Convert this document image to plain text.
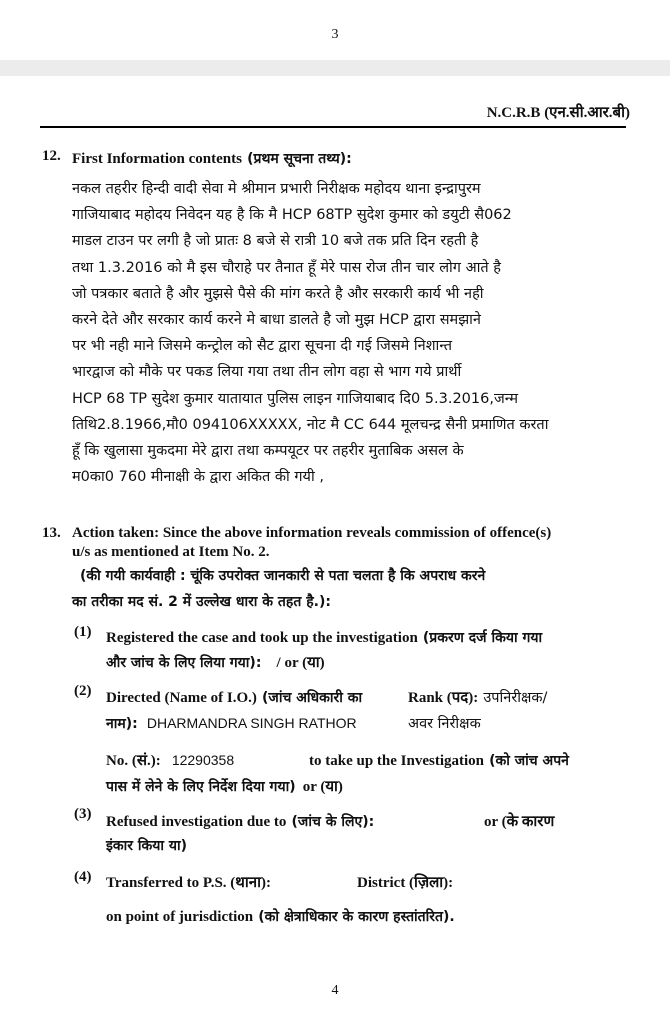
3
N.C.R.B (एन.सी.आर.बी)
12. First Information contents (प्रथम सूचना तथ्य):
नकल तहरीर हिन्दी वादी सेवा मे श्रीमान प्रभारी निरीक्षक महोदय थाना इन्द्रापुरम
गाजियाबाद महोदय निवेदन यह है कि मै HCP 68TP सुदेश कुमार को डयुटी सै062
माडल टाउन पर लगी है जो प्रातः 8 बजे से रात्री 10 बजे तक प्रति दिन रहती है
तथा 1.3.2016 को मै इस चौराहे पर तैनात हूँ मेरे पास रोज तीन चार लोग आते है
जो पत्रकार बताते है और मुझसे पैसे की मांग करते है और सरकारी कार्य भी नही
करने देते और सरकार कार्य करने मे बाधा डालते है जो मुझ HCP द्वारा समझाने
पर भी नही माने जिसमे कन्ट्रोल को सैट द्वारा सूचना दी गई जिसमे निशान्त
भारद्वाज को मौके पर पकड लिया गया तथा तीन लोग वहा से भाग गये प्रार्थी
HCP 68 TP सुदेश कुमार यातायात पुलिस लाइन गाजियाबाद दि0 5.3.2016,जन्म
तिथि2.8.1966,मौ0 094106XXXXX, नोट मै CC 644 मूलचन्द्र सैनी प्रमाणित करता
हूँ कि खुलासा मुकदमा मेरे द्वारा तथा कम्पयूटर पर तहरीर मुताबिक असल के
म0का0 760 मीनाक्षी के द्वारा अकित की गयी ,
13. Action taken: Since the above information reveals commission of offence(s)
u/s as mentioned at Item No. 2.
(की गयी कार्यवाही : चूंकि उपरोक्त जानकारी से पता चलता है कि अपराध करने
का तरीका मद सं. 2 में उल्लेख धारा के तहत है.):
(1) Registered the case and took up the investigation (प्रकरण दर्ज किया गया
और जांच के लिए लिया गया): / or (या)
(2) Directed (Name of I.O.) (जांच अधिकारी का	Rank (पद): उपनिरीक्षक/
नाम): DHARMANDRA SINGH RATHOR	अवर निरीक्षक
No. (सं.): 12290358	to take up the Investigation (को जांच अपने
पास में लेने के लिए निर्देश दिया गया) or (या)
(3) Refused investigation due to (जांच के लिए):	or (के कारण
इंकार किया या)
(4) Transferred to P.S. (थाना):	District (ज़िला):
on point of jurisdiction (को क्षेत्राधिकार के कारण हस्तांतरित).
4
